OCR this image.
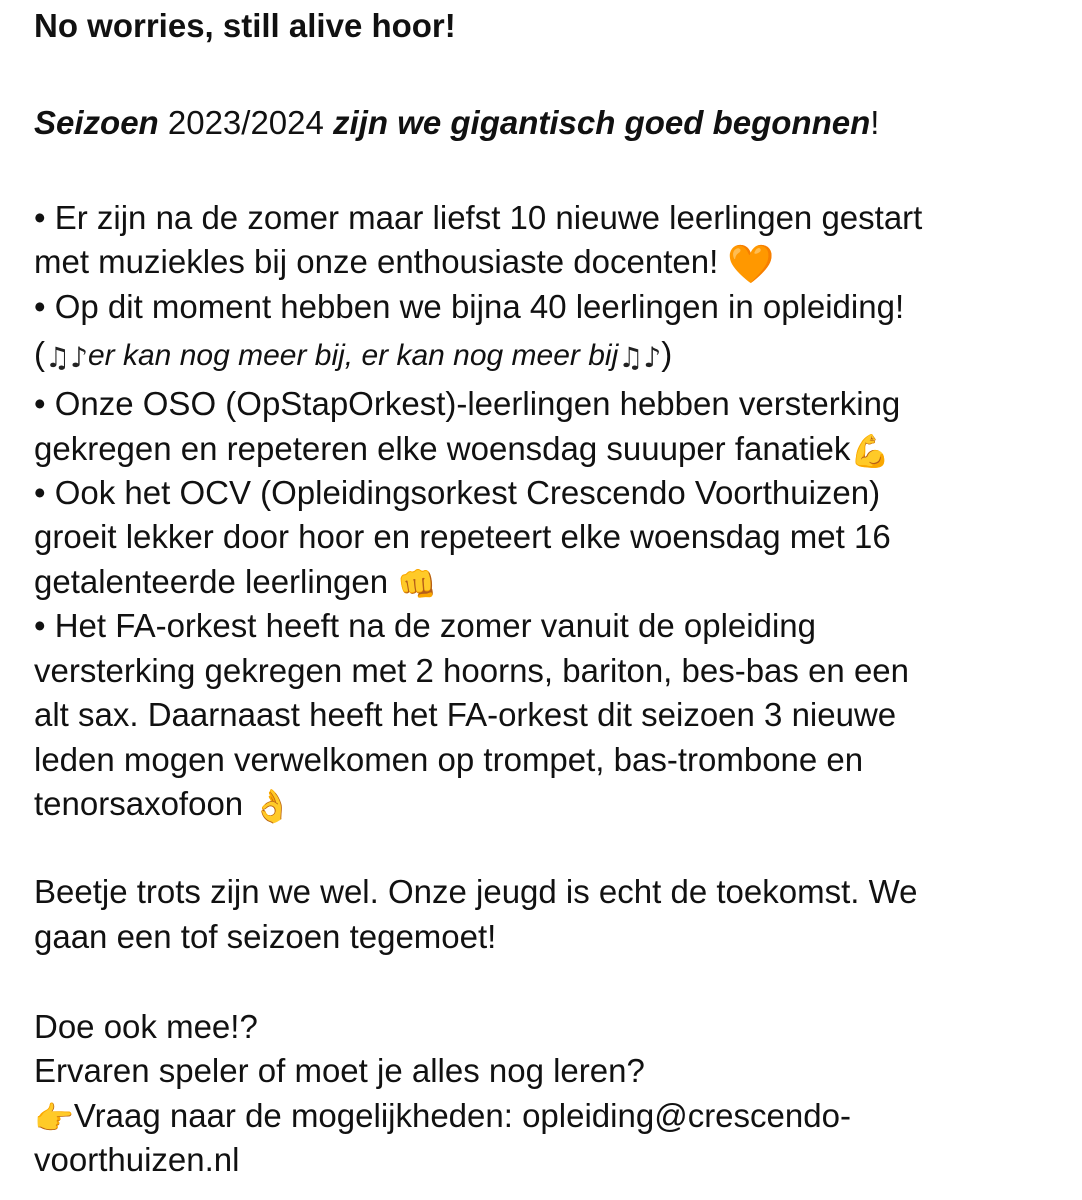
No worries, still alive hoor!
Seizoen 2023/2024 zijn we gigantisch goed begonnen!
• Er zijn na de zomer maar liefst 10 nieuwe leerlingen gestart
met muziekles bij onze enthousiaste docenten! 🧡
• Op dit moment hebben we bijna 40 leerlingen in opleiding!
(♫♪er kan nog meer bij, er kan nog meer bij♫♪)
• Onze OSO (OpStapOrkest)-leerlingen hebben versterking
gekregen en repeteren elke woensdag suuuper fanatiek💪
• Ook het OCV (Opleidingsorkest Crescendo Voorthuizen)
groeit lekker door hoor en repeteert elke woensdag met 16
getalenteerde leerlingen 👊
• Het FA-orkest heeft na de zomer vanuit de opleiding
versterking gekregen met 2 hoorns, bariton, bes-bas en een
alt sax. Daarnaast heeft het FA-orkest dit seizoen 3 nieuwe
leden mogen verwelkomen op trompet, bas-trombone en
tenorsaxofoon 👌
Beetje trots zijn we wel. Onze jeugd is echt de toekomst. We
gaan een tof seizoen tegemoet!
Doe ook mee!?
Ervaren speler of moet je alles nog leren?
👉Vraag naar de mogelijkheden: opleiding@crescendo-
voorthuizen.nl
